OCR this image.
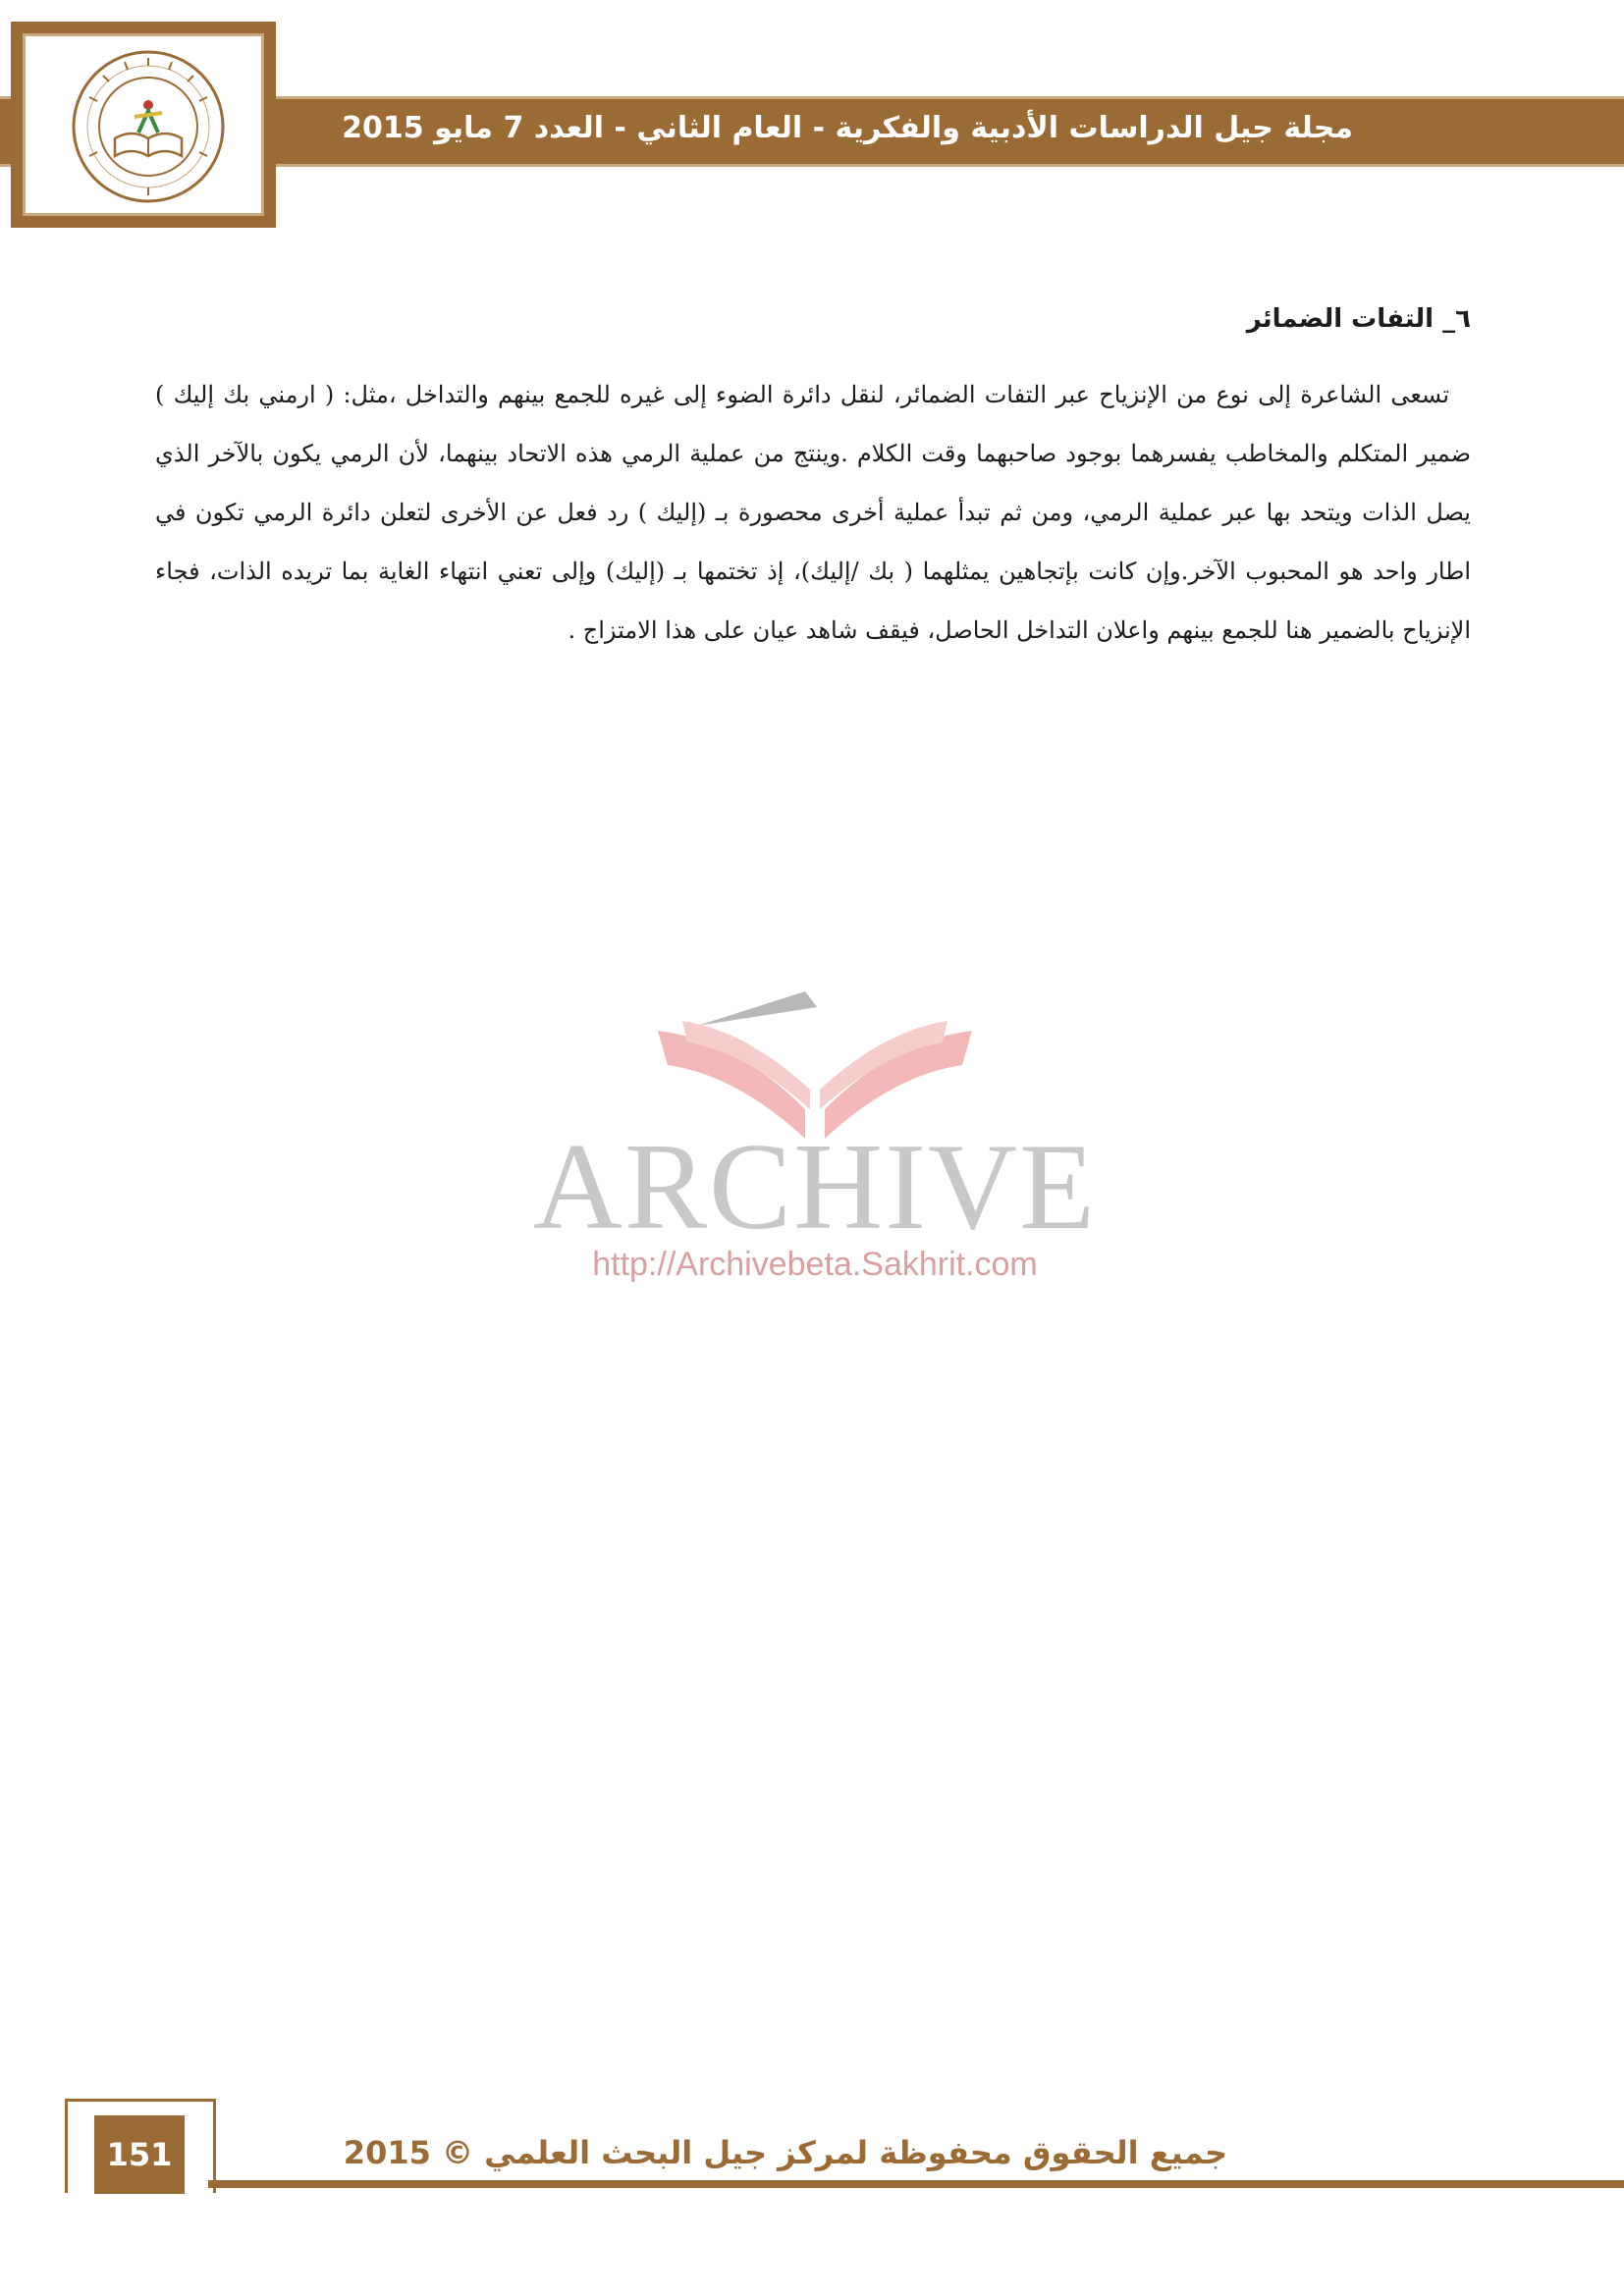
مجلة جيل الدراسات الأدبية والفكرية - العام الثاني - العدد 7 مايو 2015
٦_ التفات الضمائر

تسعى الشاعرة إلى نوع من الإنزياح عبر التفات الضمائر، لنقل دائرة الضوء إلى غيره للجمع بينهم والتداخل ،مثل: ( ارمني بك إليك ) ضمير المتكلم والمخاطب يفسرهما بوجود صاحبهما وقت الكلام .وينتج من عملية الرمي هذه الاتحاد بينهما، لأن الرمي يكون بالآخر الذي يصل الذات ويتحد بها عبر عملية الرمي، ومن ثم تبدأ عملية أخرى محصورة بـ (إليك ) رد فعل عن الأخرى لتعلن دائرة الرمي تكون في اطار واحد هو المحبوب الآخر.وإن كانت بإتجاهين يمثلهما ( بك /إليك)، إذ تختمها بـ (إليك) وإلى تعني انتهاء الغاية بما تريده الذات، فجاء الإنزياح بالضمير هنا للجمع بينهم واعلان التداخل الحاصل، فيقف شاهد عيان على هذا الامتزاج .

ARCHIVE
http://Archivebeta.Sakhrit.com
151	جميع الحقوق محفوظة لمركز جيل البحث العلمي © 2015
